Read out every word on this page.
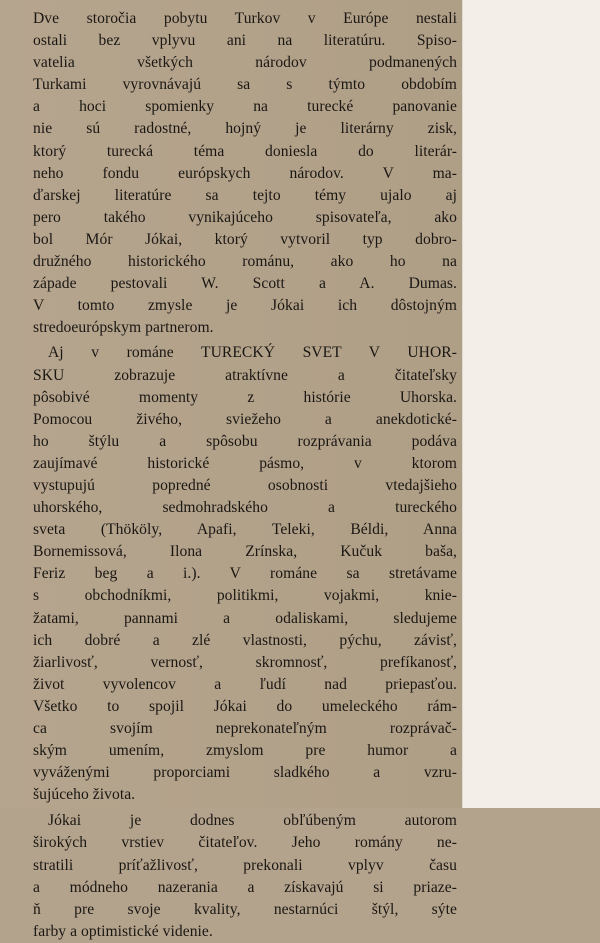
Dve storočia pobytu Turkov v Európe nestali
ostali bez vplyvu ani na literatúru. Spiso-
vatelia všetkých národov podmanených
Turkami vyrovnávajú sa s týmto obdobím
a hoci spomienky na turecké panovanie
nie sú radostné, hojný je literárny zisk,
ktorý turecká téma doniesla do literár-
neho fondu európskych národov. V ma-
ďarskej literatúre sa tejto témy ujalo aj
pero takého vynikajúceho spisovateľa, ako
bol Mór Jókai, ktorý vytvoril typ dobro-
družného historického románu, ako ho na
západe pestovali W. Scott a A. Dumas.
V tomto zmysle je Jókai ich dôstojným
stredoeurópskym partnerom.

Aj v románe TURECKÝ SVET V UHOR-
SKU zobrazuje atraktívne a čitateľsky
pôsobivé momenty z histórie Uhorska.
Pomocou živého, sviežeho a anekdotické-
ho štýlu a spôsobu rozprávania podáva
zaujímavé historické pásmo, v ktorom
vystupujú popredné osobnosti vtedajšieho
uhorského, sedmohradského a tureckého
sveta (Thököly, Apafi, Teleki, Béldi, Anna
Bornemissová, Ilona Zrínska, Kučuk baša,
Feriz beg a i.). V románe sa stretávame
s obchodníkmi, politikmi, vojakmi, knie-
žatami, pannami a odaliskami, sledujeme
ich dobré a zlé vlastnosti, pýchu, závisť,
žiarlivosť, vernosť, skromnosť, prefíkanosť,
život vyvolencov a ľudí nad priepasťou.
Všetko to spojil Jókai do umeleckého rám-
ca svojím neprekonateľným rozprávač-
ským umením, zmyslom pre humor a
vyváženými proporciami sladkého a vzru-
šujúceho života.

Jókai je dodnes obľúbeným autorom
širokých vrstiev čitateľov. Jeho romány ne-
stratili príťažlivosť, prekonali vplyv času
a módneho nazerania a získavajú si priaze-
ň pre svoje kvality, nestarnúci štýl, sýte
farby a optimistické videnie.
